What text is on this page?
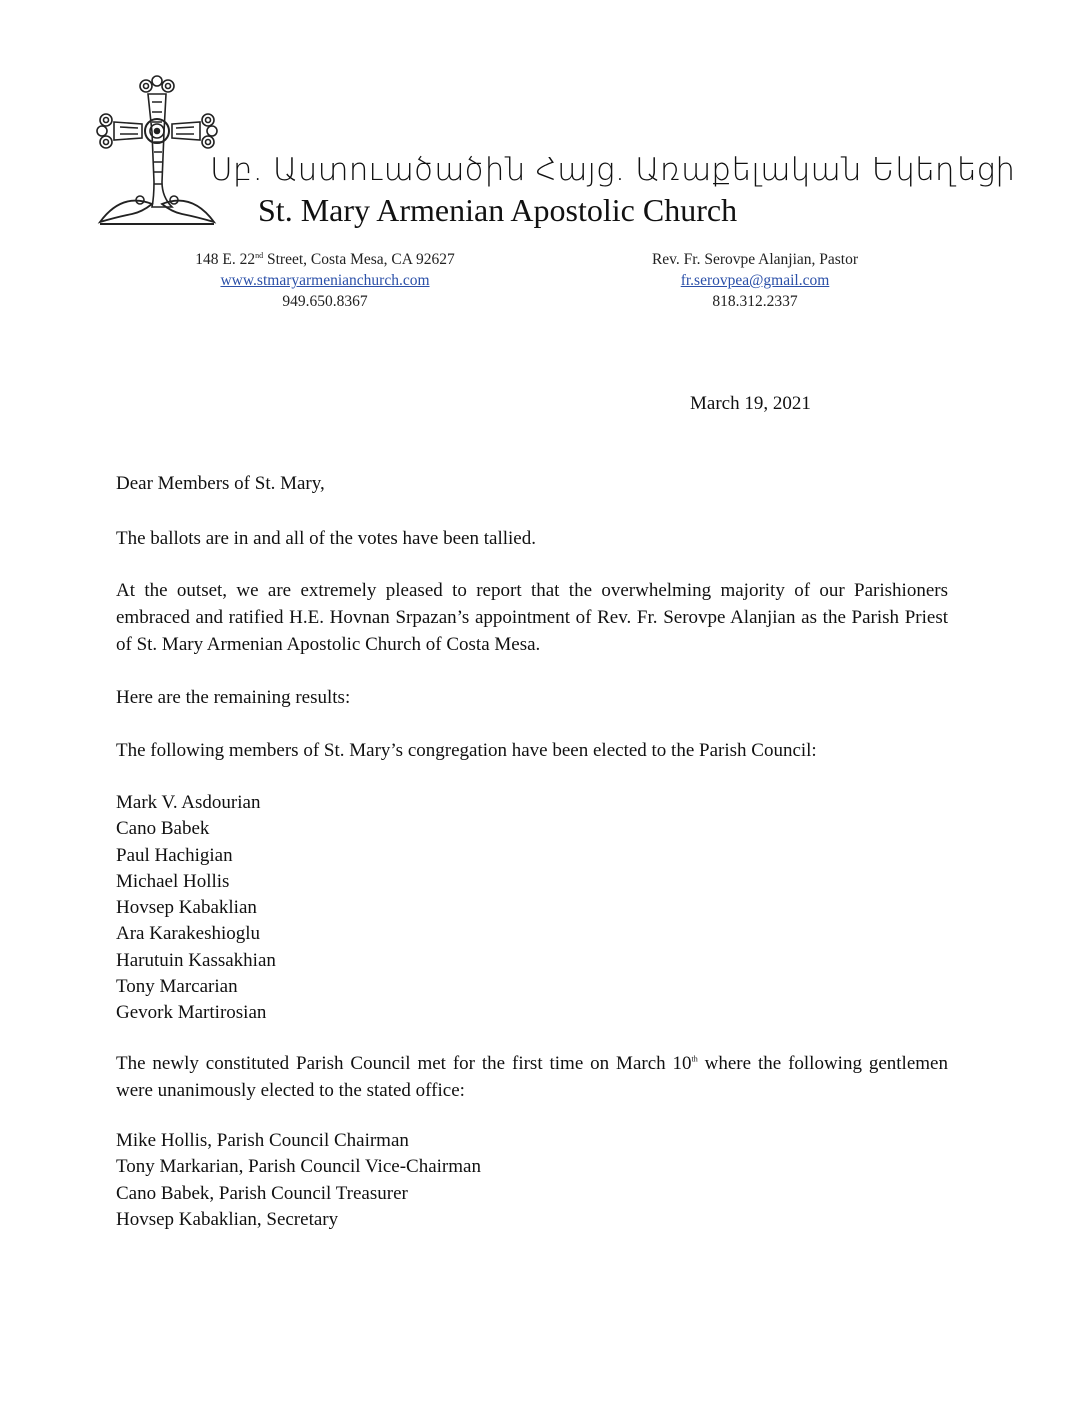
Սբ. Աստուածածին Հայց. Առաքելական Եկեղեցի
St. Mary Armenian Apostolic Church
148 E. 22nd Street, Costa Mesa, CA 92627
www.stmaryarmenianchurch.com
949.650.8367
Rev. Fr. Serovpe Alanjian, Pastor
fr.serovpea@gmail.com
818.312.2337
March 19, 2021
Dear Members of St. Mary,

The ballots are in and all of the votes have been tallied.

At the outset, we are extremely pleased to report that the overwhelming majority of our Parishioners embraced and ratified H.E. Hovnan Srpazan’s appointment of Rev. Fr. Serovpe Alanjian as the Parish Priest of St. Mary Armenian Apostolic Church of Costa Mesa.

Here are the remaining results:

The following members of St. Mary’s congregation have been elected to the Parish Council:

Mark V. Asdourian
Cano Babek
Paul Hachigian
Michael Hollis
Hovsep Kabaklian
Ara Karakeshioglu
Harutuin Kassakhian
Tony Marcarian
Gevork Martirosian

The newly constituted Parish Council met for the first time on March 10th where the following gentlemen were unanimously elected to the stated office:

Mike Hollis, Parish Council Chairman
Tony Markarian, Parish Council Vice-Chairman
Cano Babek, Parish Council Treasurer
Hovsep Kabaklian, Secretary
